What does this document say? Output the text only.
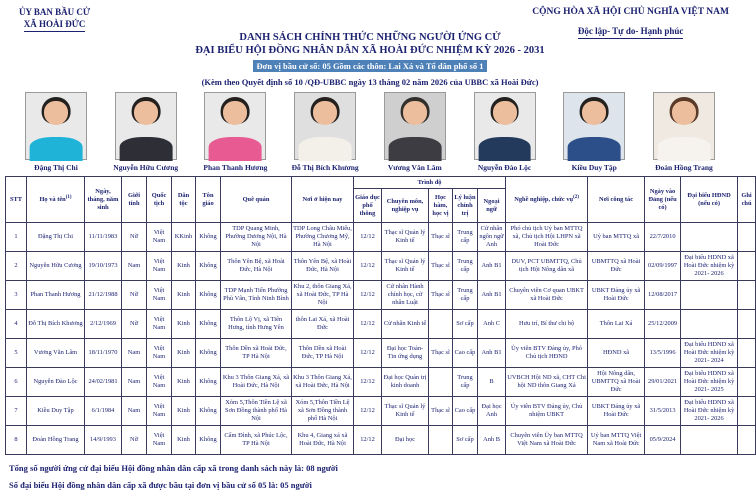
ỦY BAN BẦU CỬ
XÃ HOÀI ĐỨC
CỘNG HÒA XÃ HỘI CHỦ NGHĨA VIỆT NAM
Độc lập- Tự do- Hạnh phúc
DANH SÁCH CHÍNH THỨC NHỮNG NGƯỜI ỨNG CỬ
ĐẠI BIỂU HỘI ĐỒNG NHÂN DÂN XÃ HOÀI ĐỨC NHIỆM KỲ 2026 - 2031
Đơn vị bầu cử số: 05 Gồm các thôn: Lai Xá và Tổ dân phố số 1
(Kèm theo Quyết định số 10 /QĐ-UBBC ngày 13 tháng 02 năm 2026 của UBBC xã Hoài Đức)
Đặng Thị Chi	Nguyễn Hữu Cương	Phan Thanh Hương	Đỗ Thị Bích Khương	Vương Văn Lâm	Nguyễn Đào Lộc	Kiều Duy Tập	Đoàn Hồng Trang
STT	Họ và tên$^{(1)}$	Ngày, tháng, năm sinh	Giới tính	Quốc tịch	Dân tộc	Tôn giáo	Quê quán	Nơi ở hiện nay	Trình độ					Nghề nghiệp, chức vụ$^{(2)}$	Nơi công tác	Ngày vào Đảng (nếu có)	Đại biểu HĐND (nếu có)	Ghi chú
									Giáo dục phổ thông	Chuyên môn, nghiệp vụ	Học hàm, học vị	Lý luận chính trị	Ngoại ngữ					
1	Đặng Thị Chi	11/11/1983	Nữ	Việt Nam	KKinh	Không	TDP Quang Minh, Phường Dương Nội, Hà Nội	TDP Long Châu Miếu, Phường Chương Mỹ, Hà Nội	12/12	Thạc sĩ Quản lý Kinh tế	Thạc sĩ	Trung cấp	Cử nhân ngôn ngữ Anh	Phó chủ tịch Uỷ ban MTTQ xã, Chủ tịch Hội LHPN xã Hoài Đức	Uỷ ban MTTQ xã	22/7/2010		
2	Nguyễn Hữu Cương	19/10/1973	Nam	Việt Nam	Kinh	Không	Thôn Yên Bệ, xã Hoài Đức, Hà Nội	Thôn Yên Bệ, xã Hoài Đức, Hà Nội	12/12	Thạc sĩ Quản lý Kinh tế	Thạc sĩ	Trung cấp	Anh B1	DUV, PCT UBMTTQ, Chủ tịch Hội Nông dân xã	UBMTTQ xã Hoài Đức	02/09/1997	Đại biểu HDND xã Hoài Đức nhiệm kỳ 2021- 2026	
3	Phan Thanh Hương	21/12/1988	Nữ	Việt Nam	Kinh	Không	TDP Mạnh Tiến Phường Phù Vân, Tỉnh Ninh Bình	Khu 2, thôn Giang Xá, xã Hoài Đức, TP Hà Nội	12/12	Cử nhân Hành chính học, cử nhân Luật	Thạc sĩ	Trung cấp	Anh B1	Chuyên viên Cơ quan UBKT xã Hoài Đức	UBKT Đảng ủy xã Hoài Đức	12/08/2017		
4	Đỗ Thị Bích Khương	2/12/1969	Nữ	Việt Nam	Kinh	Không	Thôn Lộ Vị, xã Tiên Hưng, tỉnh Hưng Yên	thôn Lai Xá, xã Hoài Đức	12/12	Cử nhân Kinh tế		Sơ cấp	Anh C	Hưu trí, Bí thư chi bộ	Thôn Lai Xá	25/12/2009		
5	Vương Văn Lâm	18/11/1970	Nam	Việt Nam	Kinh	Không	Thôn Dền xã Hoài Đức, TP Hà Nội	Thôn Dền xã Hoài Đức, TP Hà Nội	12/12	Đại học Toán- Tin ứng dụng	Thạc sĩ	Cao cấp	Anh B1	Ủy viên BTV Đảng ủy, Phó Chủ tịch HĐND	HĐND xã	13/5/1996	Đại biểu HDND xã Hoài Đức nhiệm kỳ 2021- 2024	
6	Nguyễn Đào Lộc	24/02/1981	Nam	Việt Nam	Kinh	Không	Khu 3 Thôn Giang Xá, xã Hoài Đức, Hà Nội	Khu 3 Thôn Giang Xá, xã Hoài Đức, Hà Nội	12/12	Đại học Quản trị kinh doanh		Trung cấp	B	UVBCH Hội ND xã, CHT Chi hội ND thôn Giang Xá	Hội Nông dân, UBMTTQ xã Hoài Đức	29/01/2021	Đại biểu HDND xã Hoài Đức nhiệm kỳ 2021- 2025	
7	Kiều Duy Tập	6/1/1984	Nam	Việt Nam	Kinh	Không	Xóm 5,Thôn Tiền Lệ xã Sơn Đồng thành phố Hà Nội	Xóm 5,Thôn Tiền Lệ xã Sơn Đồng thành phố Hà Nội	12/12	Thạc sĩ Quản lý Kinh tế	Thạc sĩ	Cao cấp	Đại học Anh	Ủy viên BTV Đảng ủy, Chủ nhiệm UBKT	UBKT Đảng ủy xã Hoài Đức	31/5/2013	Đại biểu HDND xã Hoài Đức nhiệm kỳ 2021- 2026	
8	Đoàn Hồng Trang	14/9/1993	Nữ	Việt Nam	Kinh	Không	Cẩm Đình, xã Phúc Lộc, TP Hà Nội	Khu 4, Giang xá xã Hoài Đức, Hà Nội	12/12	Đại học		Sơ cấp	Anh B	Chuyên viên Ủy ban MTTQ Việt Nam xã Hoài Đức	Uỷ ban MTTQ Việt Nam xã Hoài Đức	05/9/2024		
Tổng số người ứng cử đại biểu Hội đồng nhân dân cấp xã trong danh sách này là: 08 người
Số đại biểu Hội đồng nhân dân cấp xã được bầu tại đơn vị bầu cử số 05 là: 05 người
